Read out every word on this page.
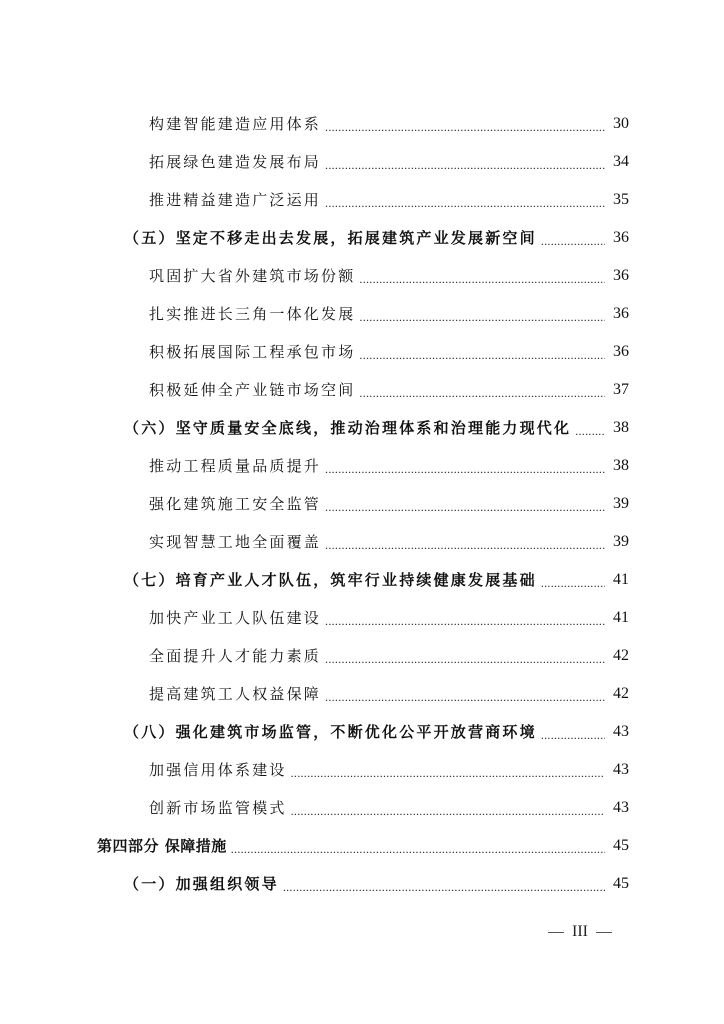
构建智能建造应用体系 .....	30
拓展绿色建造发展布局 .....	34
推进精益建造广泛运用 .....	35
（五）坚定不移走出去发展，拓展建筑产业发展新空间 .....	36
巩固扩大省外建筑市场份额 .....	36
扎实推进长三角一体化发展 .....	36
积极拓展国际工程承包市场 .....	36
积极延伸全产业链市场空间 .....	37
（六）坚守质量安全底线，推动治理体系和治理能力现代化 .....	38
推动工程质量品质提升 .....	38
强化建筑施工安全监管 .....	39
实现智慧工地全面覆盖 .....	39
（七）培育产业人才队伍，筑牢行业持续健康发展基础 .....	41
加快产业工人队伍建设 .....	41
全面提升人才能力素质 .....	42
提高建筑工人权益保障 .....	42
（八）强化建筑市场监管，不断优化公平开放营商环境 .....	43
加强信用体系建设 .....	43
创新市场监管模式 .....	43
第四部分 保障措施 .....	45
（一）加强组织领导 .....	45
III
